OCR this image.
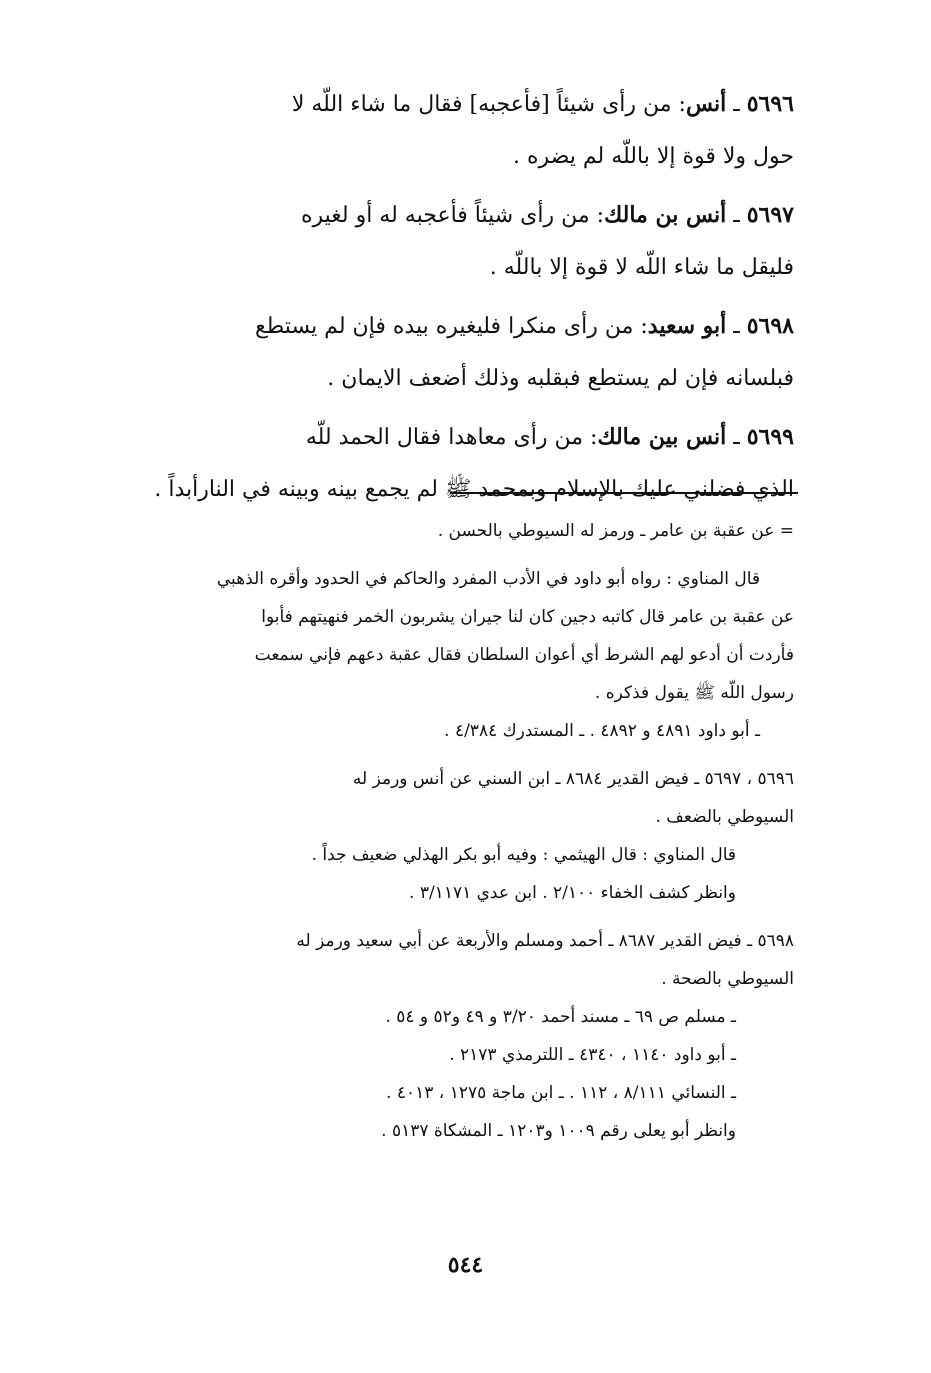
٥٦٩٦ ـ أنس: من رأى شيئاً [فأعجبه] فقال ما شاء اللّه لا
حول ولا قوة إلا باللّه لم يضره .
٥٦٩٧ ـ أنس بن مالك: من رأى شيئاً فأعجبه له أو لغيره
فليقل ما شاء اللّه لا قوة إلا باللّه .
٥٦٩٨ ـ أبو سعيد: من رأى منكرا فليغيره بيده فإن لم يستطع
فبلسانه فإن لم يستطع فبقلبه وذلك أضعف الايمان .
٥٦٩٩ ـ أنس بين مالك: من رأى معاهدا فقال الحمد للّه
الذي فضلني عليك بالإسلام وبمحمد ﷺ لم يجمع بينه وبينه في النارأبداً .

= عن عقبة بن عامر ـ ورمز له السيوطي بالحسن .

قال المناوي : رواه أبو داود في الأدب المفرد والحاكم في الحدود وأقره الذهبي

عن عقبة بن عامر قال كاتبه دجين كان لنا جيران يشربون الخمر فنهيتهم فأبوا

فأردت أن أدعو لهم الشرط أي أعوان السلطان فقال عقبة دعهم فإني سمعت

رسول اللّه ﷺ يقول فذكره .

ـ أبو داود ٤٨٩١ و ٤٨٩٢ . ـ المستدرك ٤/٣٨٤ .

٥٦٩٦ ، ٥٦٩٧ ـ فيض القدير ٨٦٨٤ ـ ابن السني عن أنس ورمز له

السيوطي بالضعف .

قال المناوي : قال الهيثمي : وفيه أبو بكر الهذلي ضعيف جداً .

وانظر كشف الخفاء ٢/١٠٠ . ابن عدي ٣/١١٧١ .

٥٦٩٨ ـ فيض القدير ٨٦٨٧ ـ أحمد ومسلم والأربعة عن أبي سعيد ورمز له

السيوطي بالصحة .

ـ مسلم ص ٦٩ ـ مسند أحمد ٣/٢٠ و ٤٩ و٥٢ و ٥٤ .

ـ أبو داود ١١٤٠ ، ٤٣٤٠ ـ اللترمذي ٢١٧٣ .

ـ النسائي ٨/١١١ ، ١١٢ . ـ ابن ماجة ١٢٧٥ ، ٤٠١٣ .

وانظر أبو يعلى رقم ١٠٠٩ و١٢٠٣ ـ المشكاة ٥١٣٧ .

٥٤٤
